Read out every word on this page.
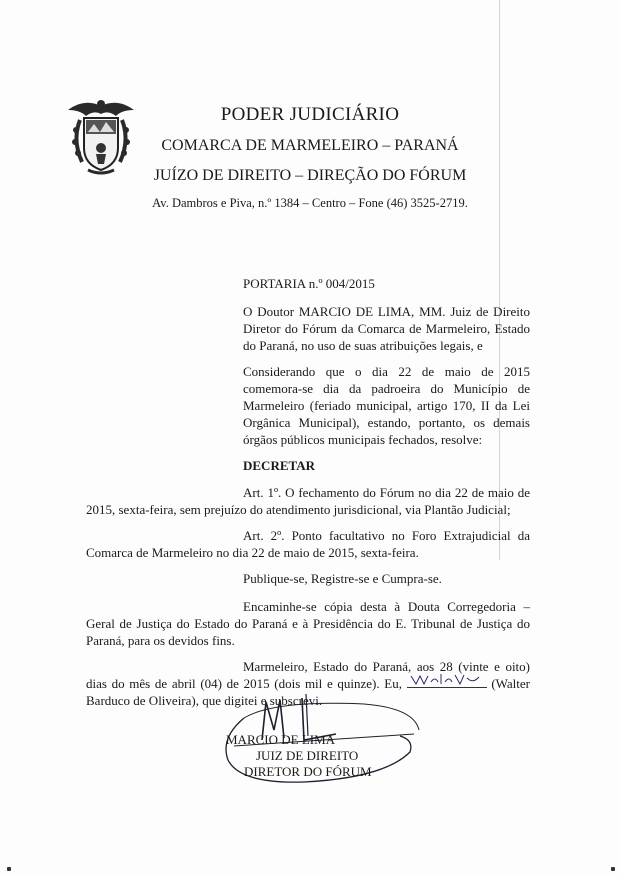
PODER JUDICIÁRIO
COMARCA DE MARMELEIRO – PARANÁ
JUÍZO DE DIREITO – DIREÇÃO DO FÓRUM
Av. Dambros e Piva, n.º 1384 – Centro – Fone (46) 3525-2719.

PORTARIA n.º 004/2015

O Doutor MARCIO DE LIMA, MM. Juiz de Direito Diretor do Fórum da Comarca de Marmeleiro, Estado do Paraná, no uso de suas atribuições legais, e

Considerando que o dia 22 de maio de 2015 comemora-se dia da padroeira do Município de Marmeleiro (feriado municipal, artigo 170, II da Lei Orgânica Municipal), estando, portanto, os demais órgãos públicos municipais fechados, resolve:

DECRETAR

Art. 1º. O fechamento do Fórum no dia 22 de maio de 2015, sexta-feira, sem prejuízo do atendimento jurisdicional, via Plantão Judicial;

Art. 2º. Ponto facultativo no Foro Extrajudicial da Comarca de Marmeleiro no dia 22 de maio de 2015, sexta-feira.

Publique-se, Registre-se e Cumpra-se.

Encaminhe-se cópia desta à Douta Corregedoria – Geral de Justiça do Estado do Paraná e à Presidência do E. Tribunal de Justiça do Paraná, para os devidos fins.

Marmeleiro, Estado do Paraná, aos 28 (vinte e oito) dias do mês de abril (04) de 2015 (dois mil e quinze). Eu,	(Walter Barduco de Oliveira), que digitei e subscrevi.

MARCIO DE LIMA
JUIZ DE DIREITO
DIRETOR DO FÓRUM
